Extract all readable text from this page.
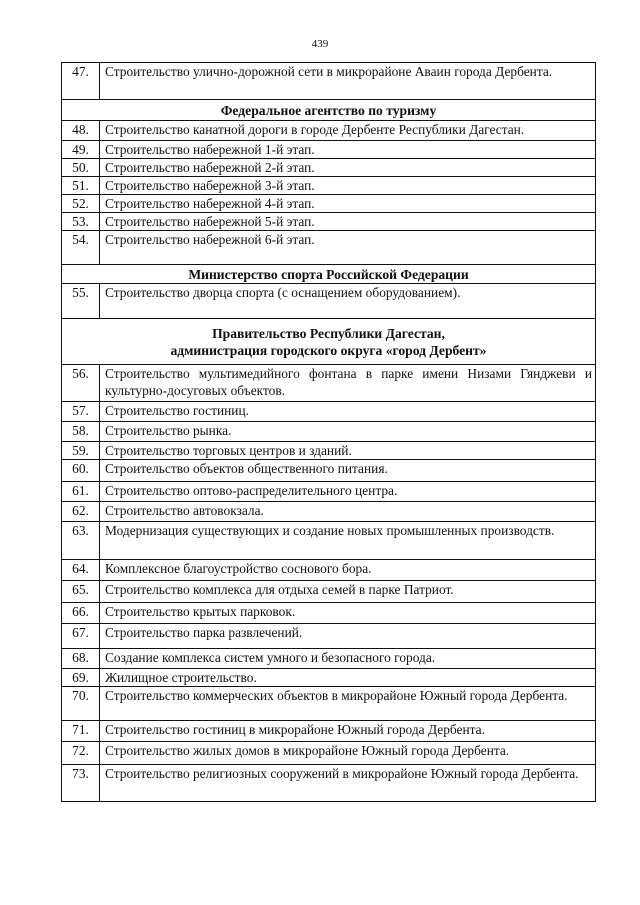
439
47.	Строительство улично-дорожной сети в микрорайоне Аваин города Дербента.

Федеральное агентство по туризму	

48.	Строительство канатной дороги в городе Дербенте Республики Дагестан.
49.	Строительство набережной 1-й этап.
50.	Строительство набережной 2-й этап.
51.	Строительство набережной 3-й этап.
52.	Строительство набережной 4-й этап.
53.	Строительство набережной 5-й этап.
54.	Строительство набережной 6-й этап.

Министерство спорта Российской Федерации	

55.	Строительство дворца спорта (с оснащением оборудованием).

Правительство Республики Дагестан,
администрация городского округа «город Дербент»	

56.	Строительство мультимедийного фонтана в парке имени Низами Гянджеви и культурно-досуговых объектов.
57.	Строительство гостиниц.
58.	Строительство рынка.
59.	Строительство торговых центров и зданий.
60.	Строительство объектов общественного питания.
61.	Строительство оптово-распределительного центра.
62.	Строительство автовокзала.
63.	Модернизация существующих и создание новых промышленных производств.
64.	Комплексное благоустройство соснового бора.
65.	Строительство комплекса для отдыха семей в парке Патриот.
66.	Строительство крытых парковок.
67.	Строительство парка развлечений.
68.	Создание комплекса систем умного и безопасного города.
69.	Жилищное строительство.
70.	Строительство коммерческих объектов в микрорайоне Южный города Дербента.
71.	Строительство гостиниц в микрорайоне Южный города Дербента.
72.	Строительство жилых домов в микрорайоне Южный города Дербента.
73.	Строительство религиозных сооружений в микрорайоне Южный города Дербента.
